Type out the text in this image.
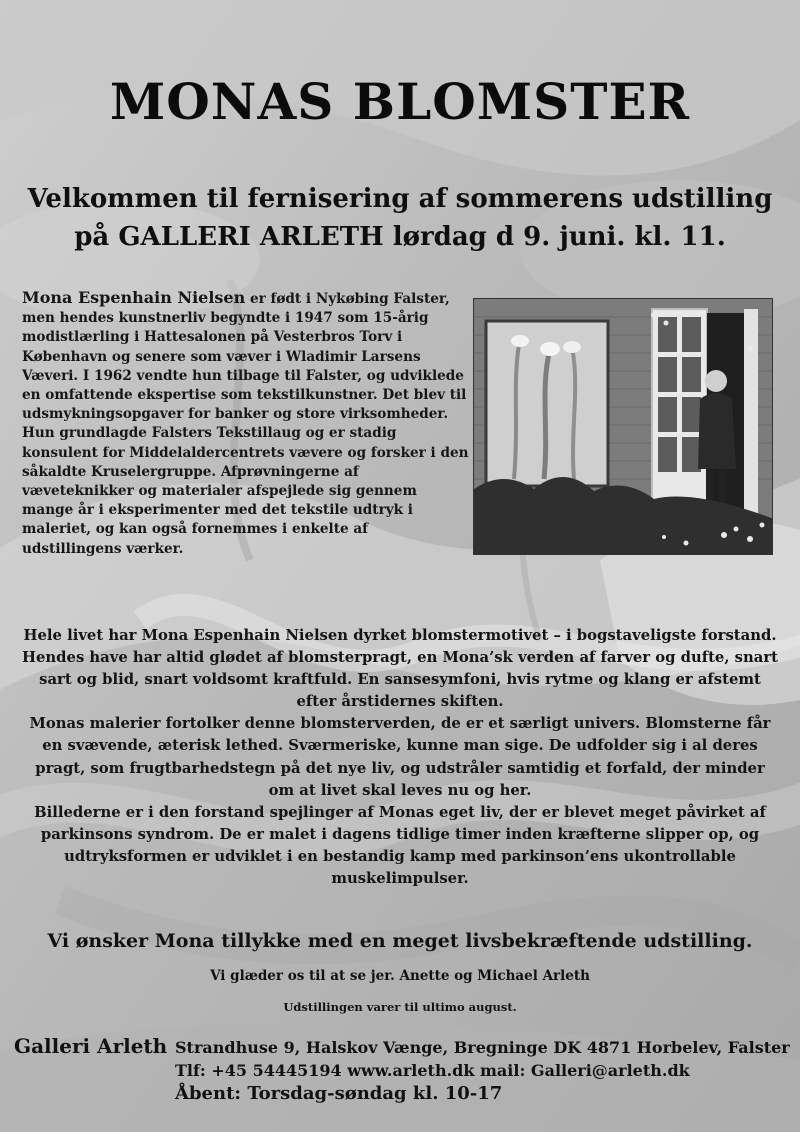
MONAS BLOMSTER
Velkommen til fernisering af sommerens udstilling
på GALLERI ARLETH lørdag d 9. juni. kl. 11.
Mona Espenhain Nielsen er født i Nykøbing Falster, men hendes kunstnerliv begyndte i 1947 som 15-årig modistlærling i Hattesalonen på Vesterbros Torv i København og senere som væver i Wladimir Larsens Væveri. I 1962 vendte hun tilbage til Falster, og udviklede en omfattende ekspertise som tekstilkunstner. Det blev til udsmykningsopgaver for banker og store virksomheder. Hun grundlagde Falsters Tekstillaug og er stadig konsulent for Middelaldercentrets vævere og forsker i den såkaldte Kruselergruppe. Afprøvningerne af væveteknikker og materialer afspejlede sig gennem mange år i eksperimenter med det tekstile udtryk i maleriet, og kan også fornemmes i enkelte af udstillingens værker.

Hele livet har Mona Espenhain Nielsen dyrket blomstermotivet – i bogstaveligste forstand. Hendes have har altid glødet af blomsterpragt, en Mona’sk verden af farver og dufte, snart sart og blid, snart voldsomt kraftfuld. En sansesymfoni, hvis rytme og klang er afstemt efter årstidernes skiften.

Monas malerier fortolker denne blomsterverden, de er et særligt univers. Blomsterne får en svævende, æterisk lethed. Sværmeriske, kunne man sige. De udfolder sig i al deres pragt, som frugtbarhedstegn på det nye liv, og udstråler samtidig et forfald, der minder om at livet skal leves nu og her.

Billederne er i den forstand spejlinger af Monas eget liv, der er blevet meget påvirket af parkinsons syndrom. De er malet i dagens tidlige timer inden kræfterne slipper op, og udtryksformen er udviklet i en bestandig kamp med parkinson’ens ukontrollable muskelimpulser.

Vi ønsker Mona tillykke med en meget livsbekræftende udstilling.
Vi glæder os til at se jer. Anette og Michael Arleth
Udstillingen varer til ultimo august.
Galleri Arleth Strandhuse 9, Halskov Vænge, Bregninge DK 4871 Horbelev, Falster
Tlf: +45 54445194 www.arleth.dk mail: Galleri@arleth.dk
Åbent: Torsdag-søndag kl. 10-17
